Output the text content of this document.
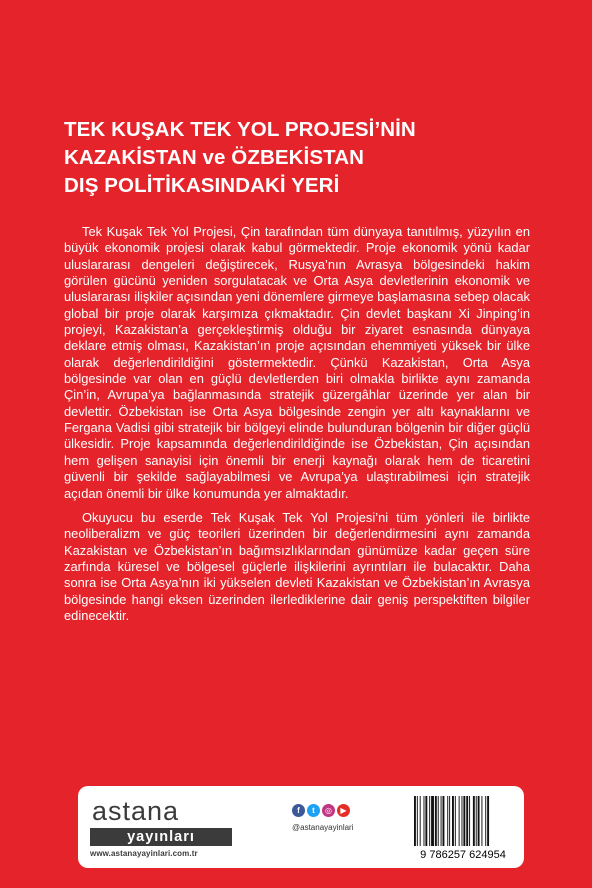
TEK KUŞAK TEK YOL PROJESİ’NİN
KAZAKİSTAN ve ÖZBEKİSTAN
DIŞ POLİTİKASINDAKİ YERİ

Tek Kuşak Tek Yol Projesi, Çin tarafından tüm dünyaya tanıtılmış, yüzyılın en büyük ekonomik projesi olarak kabul görmektedir. Proje ekonomik yönü kadar uluslararası dengeleri değiştirecek, Rusya’nın Avrasya bölgesindeki hakim görülen gücünü yeniden sorgulatacak ve Orta Asya devletlerinin ekonomik ve uluslararası ilişkiler açısından yeni dönemlere girmeye başlamasına sebep olacak global bir proje olarak karşımıza çıkmaktadır. Çin devlet başkanı Xi Jinping’in projeyi, Kazakistan’a gerçekleştirmiş olduğu bir ziyaret esnasında dünyaya deklare etmiş olması, Kazakistan’ın proje açısından ehemmiyeti yüksek bir ülke olarak değerlendirildiğini göstermektedir. Çünkü Kazakistan, Orta Asya bölgesinde var olan en güçlü devletlerden biri olmakla birlikte aynı zamanda Çin’in, Avrupa’ya bağlanmasında stratejik güzergâhlar üzerinde yer alan bir devlettir. Özbekistan ise Orta Asya bölgesinde zengin yer altı kaynaklarını ve Fergana Vadisi gibi stratejik bir bölgeyi elinde bulunduran bölgenin bir diğer güçlü ülkesidir. Proje kapsamında değerlendirildiğinde ise Özbekistan, Çin açısından hem gelişen sanayisi için önemli bir enerji kaynağı olarak hem de ticaretini güvenli bir şekilde sağlayabilmesi ve Avrupa’ya ulaştırabilmesi için stratejik açıdan önemli bir ülke konumunda yer almaktadır.

Okuyucu bu eserde Tek Kuşak Tek Yol Projesi’ni tüm yönleri ile birlikte neoliberalizm ve güç teorileri üzerinden bir değerlendirmesini aynı zamanda Kazakistan ve Özbekistan’ın bağımsızlıklarından günümüze kadar geçen süre zarfında küresel ve bölgesel güçlerle ilişkilerini ayrıntıları ile bulacaktır. Daha sonra ise Orta Asya’nın iki yükselen devleti Kazakistan ve Özbekistan’ın Avrasya bölgesinde hangi eksen üzerinden ilerlediklerine dair geniş perspektiften bilgiler edinecektir.

astana
yayınları
www.astanayayinlari.com.tr
f	t	◎	▶
@astanayayinlari
9 786257 624954
